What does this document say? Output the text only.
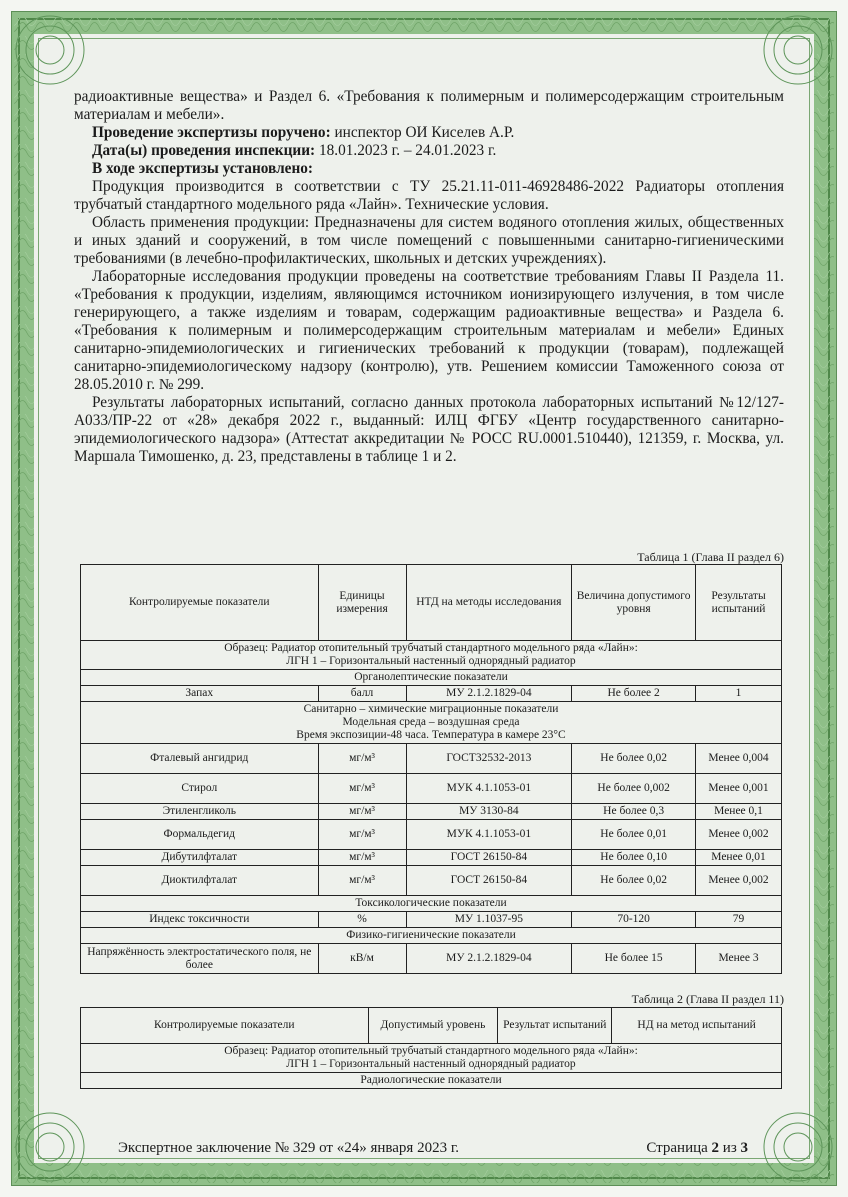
радиоактивные вещества» и Раздел 6. «Требования к полимерным и полимерсодержащим строительным материалам и мебели».

Проведение экспертизы поручено: инспектор ОИ Киселев А.Р.

Дата(ы) проведения инспекции: 18.01.2023 г. – 24.01.2023 г.

В ходе экспертизы установлено:

Продукция производится в соответствии с ТУ 25.21.11-011-46928486-2022 Радиаторы отопления трубчатый стандартного модельного ряда «Лайн». Технические условия.

Область применения продукции: Предназначены для систем водяного отопления жилых, общественных и иных зданий и сооружений, в том числе помещений с повышенными санитарно-гигиеническими требованиями (в лечебно-профилактических, школьных и детских учреждениях).

Лабораторные исследования продукции проведены на соответствие требованиям Главы II Раздела 11. «Требования к продукции, изделиям, являющимся источником ионизирующего излучения, в том числе генерирующего, а также изделиям и товарам, содержащим радиоактивные вещества» и Раздела 6. «Требования к полимерным и полимерсодержащим строительным материалам и мебели» Единых санитарно-эпидемиологических и гигиенических требований к продукции (товарам), подлежащей санитарно-эпидемиологическому надзору (контролю), утв. Решением комиссии Таможенного союза от 28.05.2010 г. № 299.

Результаты лабораторных испытаний, согласно данных протокола лабораторных испытаний №12/127-А033/ПР-22 от «28» декабря 2022 г., выданный: ИЛЦ ФГБУ «Центр государственного санитарно-эпидемиологического надзора» (Аттестат аккредитации № РОСС RU.0001.510440), 121359, г. Москва, ул. Маршала Тимошенко, д. 23, представлены в таблице 1 и 2.

Таблица 1 (Глава II раздел 6)
Контролируемые показатели	Единицы измерения	НТД на методы исследования	Величина допустимого уровня	Результаты испытаний

Образец: Радиатор отопительный трубчатый стандартного модельного ряда «Лайн»:
ЛГН 1 – Горизонтальный настенный однорядный радиатор				

Органолептические показатели				
Запах	балл	МУ 2.1.2.1829-04	Не более 2	1

Санитарно – химические миграционные показатели
Модельная среда – воздушная среда
Время экспозиции-48 часа. Температура в камере 23°С				

Фталевый ангидрид	мг/м³	ГОСТ32532-2013	Не более 0,02	Менее 0,004
Стирол	мг/м³	МУК 4.1.1053-01	Не более 0,002	Менее 0,001
Этиленгликоль	мг/м³	МУ 3130-84	Не более 0,3	Менее 0,1
Формальдегид	мг/м³	МУК 4.1.1053-01	Не более 0,01	Менее 0,002
Дибутилфталат	мг/м³	ГОСТ 26150-84	Не более 0,10	Менее 0,01
Диоктилфталат	мг/м³	ГОСТ 26150-84	Не более 0,02	Менее 0,002
Токсикологические показатели				
Индекс токсичности	%	МУ 1.1037-95	70-120	79
Физико-гигиенические показатели				
Напряжённость электростатического поля, не более	кВ/м	МУ 2.1.2.1829-04	Не более 15	Менее 3
Таблица 2 (Глава II раздел 11)
Контролируемые показатели	Допустимый уровень	Результат испытаний	НД на метод испытаний

Образец: Радиатор отопительный трубчатый стандартного модельного ряда «Лайн»:
ЛГН 1 – Горизонтальный настенный однорядный радиатор

Радиологические показатели
Экспертное заключение № 329 от «24» января 2023 г.	Страница 2 из 3
